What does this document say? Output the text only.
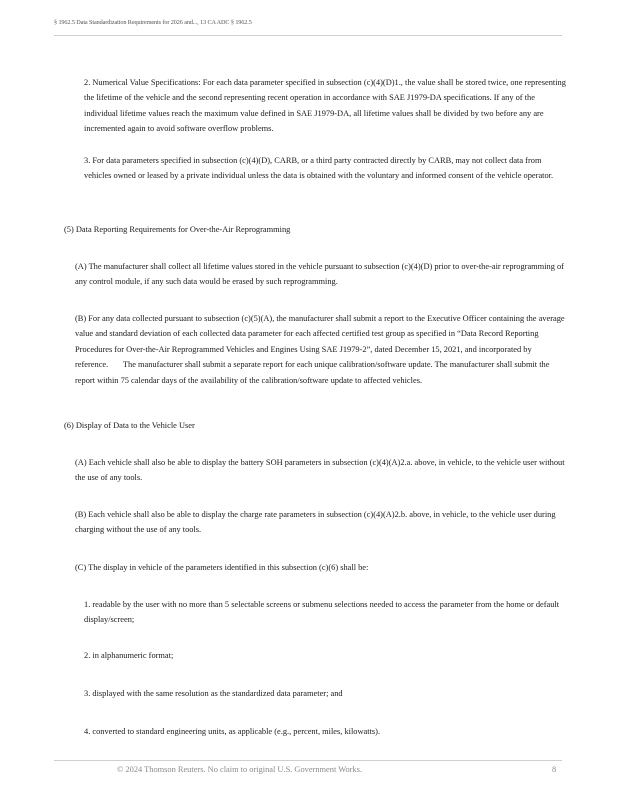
§ 1962.5 Data Standardization Requirements for 2026 and..., 13 CA ADC § 1962.5

2. Numerical Value Specifications: For each data parameter specified in subsection (c)(4)(D)1., the value shall be stored twice, one representing the lifetime of the vehicle and the second representing recent operation in accordance with SAE J1979-DA specifications. If any of the individual lifetime values reach the maximum value defined in SAE J1979-DA, all lifetime values shall be divided by two before any are incremented again to avoid software overflow problems.

3. For data parameters specified in subsection (c)(4)(D), CARB, or a third party contracted directly by CARB, may not collect data from vehicles owned or leased by a private individual unless the data is obtained with the voluntary and informed consent of the vehicle operator.

(5) Data Reporting Requirements for Over-the-Air Reprogramming

(A) The manufacturer shall collect all lifetime values stored in the vehicle pursuant to subsection (c)(4)(D) prior to over-the-air reprogramming of any control module, if any such data would be erased by such reprogramming.

(B) For any data collected pursuant to subsection (c)(5)(A), the manufacturer shall submit a report to the Executive Officer containing the average value and standard deviation of each collected data parameter for each affected certified test group as specified in “Data Record Reporting Procedures for Over-the-Air Reprogrammed Vehicles and Engines Using SAE J1979-2”, dated December 15, 2021, and incorporated by reference.       The manufacturer shall submit a separate report for each unique calibration/software update. The manufacturer shall submit the report within 75 calendar days of the availability of the calibration/software update to affected vehicles.

(6) Display of Data to the Vehicle User

(A) Each vehicle shall also be able to display the battery SOH parameters in subsection (c)(4)(A)2.a. above, in vehicle, to the vehicle user without the use of any tools.

(B) Each vehicle shall also be able to display the charge rate parameters in subsection (c)(4)(A)2.b. above, in vehicle, to the vehicle user during charging without the use of any tools.

(C) The display in vehicle of the parameters identified in this subsection (c)(6) shall be:

1. readable by the user with no more than 5 selectable screens or submenu selections needed to access the parameter from the home or default display/screen;

2. in alphanumeric format;

3. displayed with the same resolution as the standardized data parameter; and

4. converted to standard engineering units, as applicable (e.g., percent, miles, kilowatts).

© 2024 Thomson Reuters. No claim to original U.S. Government Works.	8
